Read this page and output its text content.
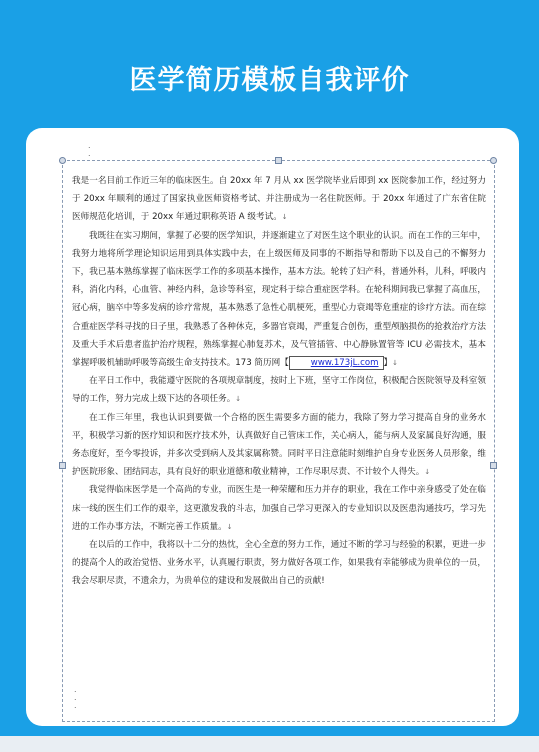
医学简历模板自我评价
.
.
.
.
.

我是一名目前工作近三年的临床医生。自 20xx 年 7 月从 xx 医学院毕业后即到 xx 医院参加工作，经过努力于 20xx 年顺利的通过了国家执业医师资格考试、并注册成为一名住院医师。于 20xx 年通过了广东省住院医师规范化培训，于 20xx 年通过职称英语 A 级考试。↓

我既往在实习期间，掌握了必要的医学知识，并逐渐建立了对医生这个职业的认识。而在工作的三年中，我努力地将所学理论知识运用到具体实践中去，在上级医师及同事的不断指导和帮助下以及自己的不懈努力下，我已基本熟练掌握了临床医学工作的多项基本操作，基本方法。轮转了妇产科，普通外科，儿科，呼吸内科，消化内科，心血管、神经内科，急诊等科室，现定科于综合重症医学科。在轮科期间我已掌握了高血压，冠心病，脑卒中等多发病的诊疗常规，基本熟悉了急性心肌梗死，重型心力衰竭等危重症的诊疗方法。而在综合重症医学科寻找的日子里，我熟悉了各种休克，多器官衰竭，严重复合创伤，重型颅脑损伤的抢救治疗方法及重大手术后患者监护治疗规程，熟练掌握心肺复苏术，及气管插管、中心静脉置管等 ICU 必需技术，基本掌握呼吸机辅助呼吸等高级生命支持技术。173 简历网【	www.173jL.com 】↓

在平日工作中，我能遵守医院的各项规章制度，按时上下班，坚守工作岗位，积极配合医院领导及科室领导的工作，努力完成上级下达的各项任务。↓

在工作三年里，我也认识到要做一个合格的医生需要多方面的能力，我除了努力学习提高自身的业务水平，积极学习新的医疗知识和医疗技术外，认真做好自己管床工作，关心病人，能与病人及家属良好沟通，服务态度好，至今零投诉，并多次受到病人及其家属称赞。同时平日注意能时刻维护自身专业医务人员形象，维护医院形象、团结同志，具有良好的职业道德和敬业精神，工作尽职尽责、不计较个人得失。↓

我觉得临床医学是一个高尚的专业，而医生是一种荣耀和压力并存的职业，我在工作中亲身感受了处在临床一线的医生们工作的艰辛，这更激发我的斗志，加强自己学习更深入的专业知识以及医患沟通技巧，学习先进的工作办事方法，不断完善工作质量。↓

在以后的工作中，我将以十二分的热忱，全心全意的努力工作，通过不断的学习与经验的积累，更进一步的提高个人的政治觉悟、业务水平，认真履行职责，努力做好各项工作，如果我有幸能够成为贵单位的一员，我会尽职尽责，不遗余力，为贵单位的建设和发展做出自己的贡献!
